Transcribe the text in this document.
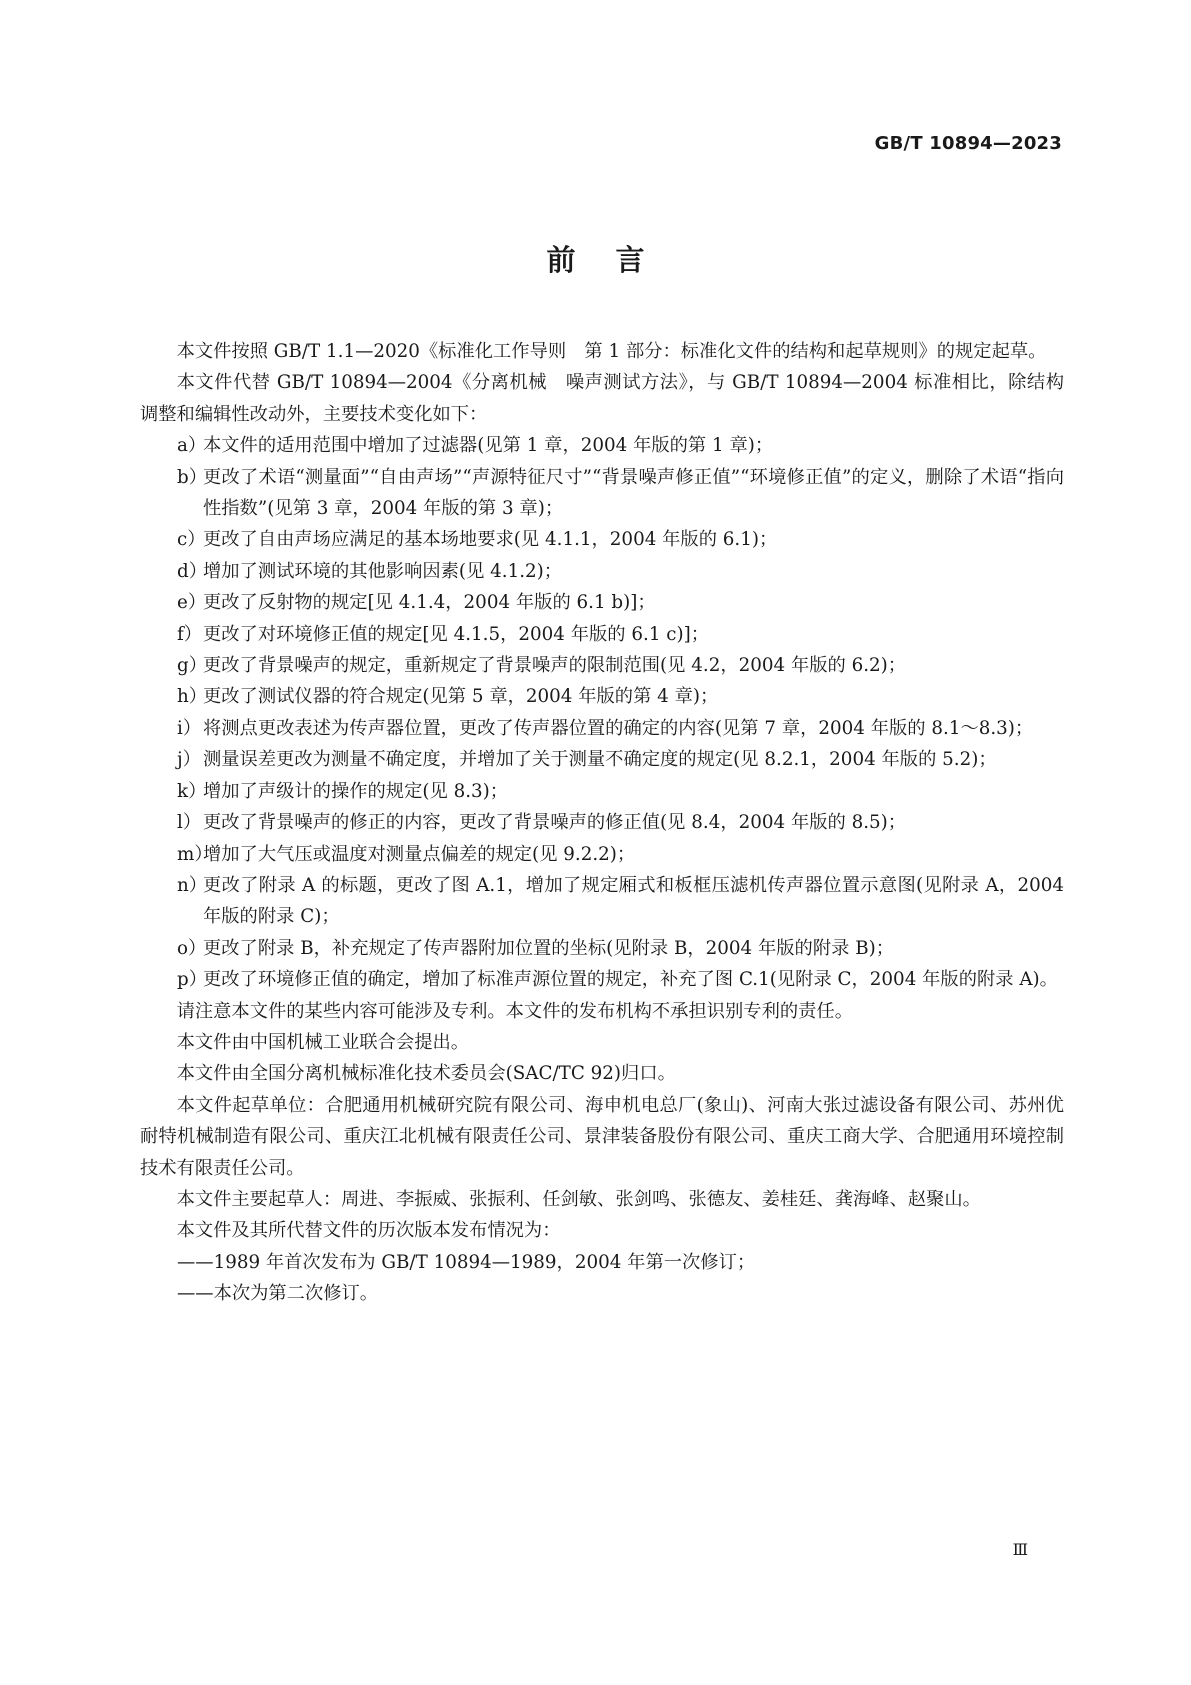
GB/T 10894—2023
前言

本文件按照 GB/T 1.1—2020《标准化工作导则　第 1 部分：标准化文件的结构和起草规则》的规定起草。

本文件代替 GB/T 10894—2004《分离机械　噪声测试方法》，与 GB/T 10894—2004 标准相比，除结构调整和编辑性改动外，主要技术变化如下：

a）
本文件的适用范围中增加了过滤器(见第 1 章，2004 年版的第 1 章)；
b）
更改了术语“测量面”“自由声场”“声源特征尺寸”“背景噪声修正值”“环境修正值”的定义，删除了术语“指向性指数”(见第 3 章，2004 年版的第 3 章)；
c）
更改了自由声场应满足的基本场地要求(见 4.1.1，2004 年版的 6.1)；
d）
增加了测试环境的其他影响因素(见 4.1.2)；
e）
更改了反射物的规定[见 4.1.4，2004 年版的 6.1 b)]；
f） 更改了对环境修正值的规定[见 4.1.5，2004 年版的 6.1 c)]；
g）
更改了背景噪声的规定，重新规定了背景噪声的限制范围(见 4.2，2004 年版的 6.2)；
h）
更改了测试仪器的符合规定(见第 5 章，2004 年版的第 4 章)；
i） 将测点更改表述为传声器位置，更改了传声器位置的确定的内容(见第 7 章，2004 年版的 8.1～8.3)；
j） 测量误差更改为测量不确定度，并增加了关于测量不确定度的规定(见 8.2.1，2004 年版的 5.2)；
k）
增加了声级计的操作的规定(见 8.3)；
l） 更改了背景噪声的修正的内容，更改了背景噪声的修正值(见 8.4，2004 年版的 8.5)；
m）
增加了大气压或温度对测量点偏差的规定(见 9.2.2)；
n）
更改了附录 A 的标题，更改了图 A.1，增加了规定厢式和板框压滤机传声器位置示意图(见附录 A，2004 年版的附录 C)；
o）
更改了附录 B，补充规定了传声器附加位置的坐标(见附录 B，2004 年版的附录 B)；
p）
更改了环境修正值的确定，增加了标准声源位置的规定，补充了图 C.1(见附录 C，2004 年版的附录 A)。

请注意本文件的某些内容可能涉及专利。本文件的发布机构不承担识别专利的责任。

本文件由中国机械工业联合会提出。

本文件由全国分离机械标准化技术委员会(SAC/TC 92)归口。

本文件起草单位：合肥通用机械研究院有限公司、海申机电总厂(象山)、河南大张过滤设备有限公司、苏州优耐特机械制造有限公司、重庆江北机械有限责任公司、景津装备股份有限公司、重庆工商大学、合肥通用环境控制技术有限责任公司。

本文件主要起草人：周进、李振威、张振利、任剑敏、张剑鸣、张德友、姜桂廷、龚海峰、赵聚山。

本文件及其所代替文件的历次版本发布情况为：

——1989 年首次发布为 GB/T 10894—1989，2004 年第一次修订；

——本次为第二次修订。

Ⅲ
